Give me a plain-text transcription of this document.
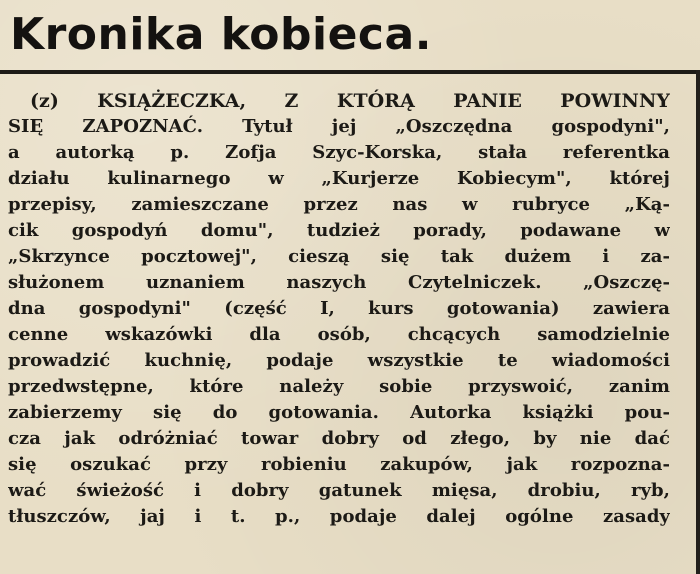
Kronika kobieca.
(z) KSIĄŻECZKA, Z KTÓRĄ PANIE POWINNY
SIĘ ZAPOZNAĆ. Tytuł jej „Oszczędna gospodyni",
a autorką p. Zofja Szyc-Korska, stała referentka
działu kulinarnego w „Kurjerze Kobiecym", której
przepisy, zamieszczane przez nas w rubryce „Ką-
cik gospodyń domu", tudzież porady, podawane w
„Skrzynce pocztowej", cieszą się tak dużem i za-
służonem uznaniem naszych Czytelniczek. „Oszczę-
dna gospodyni" (część I, kurs gotowania) zawiera
cenne wskazówki dla osób, chcących samodzielnie
prowadzić kuchnię, podaje wszystkie te wiadomości
przedwstępne, które należy sobie przyswoić, zanim
zabierzemy się do gotowania. Autorka książki pou-
cza jak odróżniać towar dobry od złego, by nie dać
się oszukać przy robieniu zakupów, jak rozpozna-
wać świeżość i dobry gatunek mięsa, drobiu, ryb,
tłuszczów, jaj i t. p., podaje dalej ogólne zasady
